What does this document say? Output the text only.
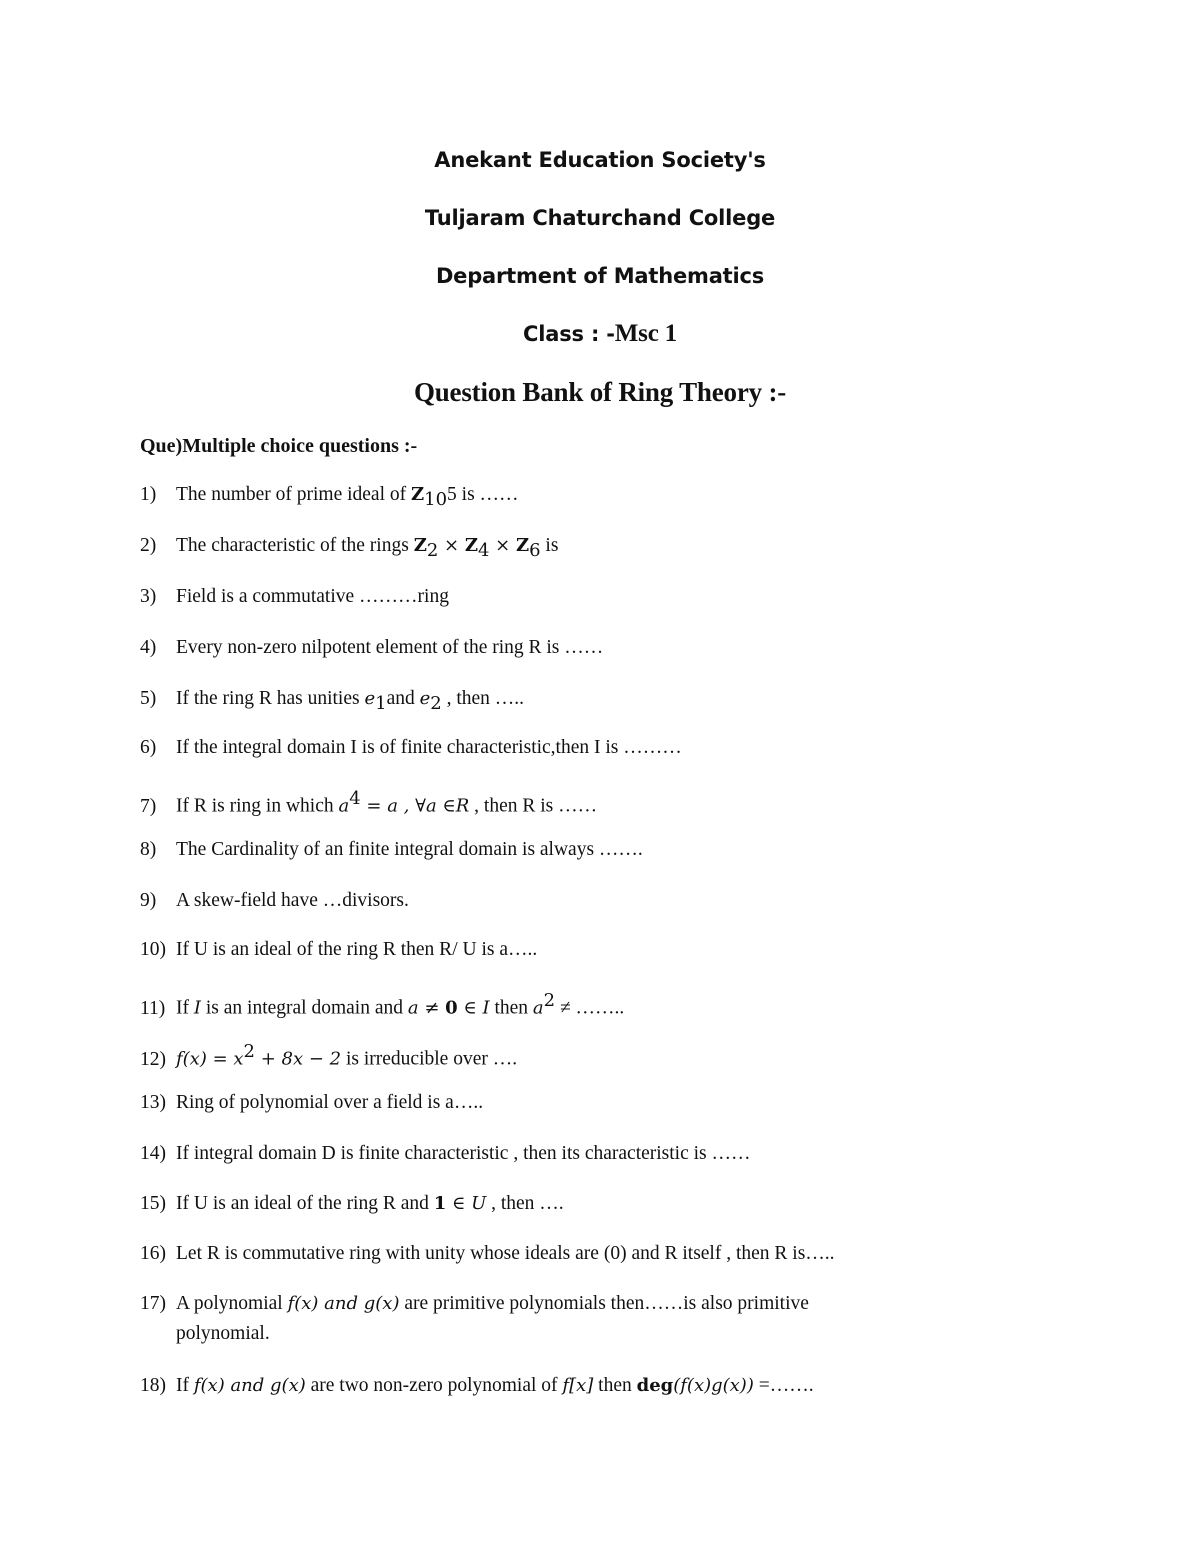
Anekant Education Society's
Tuljaram Chaturchand College
Department of Mathematics
Class : -Msc 1
Question Bank of Ring Theory :-
Que)Multiple choice questions :-
1) The number of prime ideal of $Z_{10}5$ is ……
2) The characteristic of the rings $Z_2 \times Z_4 \times Z_6$ is
3) Field is a commutative ………ring
4) Every non-zero nilpotent element of the ring R is ……
5) If the ring R has unities $e_1and$ $e_2$ , then …..
6) If the integral domain I is of finite characteristic,then I is ………
7) If R is ring in which $a^4 = a$ , ∀a ∈R , then R is ……
8) The Cardinality of an finite integral domain is always …….
9) A skew-field have …divisors.
10) If U is an ideal of the ring R then R/ U is a…..
11) If I is an integral domain and a ≠ 0 ∈ I then $a^2$ ≠ ……..
12) $f(x) = x^2 + 8x - 2$ is irreducible over ….
13) Ring of polynomial over a field is a…..
14) If integral domain D is finite characteristic , then its characteristic is ……
15) If U is an ideal of the ring R and 1 ∈ U , then ….
16) Let R is commutative ring with unity whose ideals are (0) and R itself , then R is…..
17) A polynomial f(x) and g(x) are primitive polynomials then……is also primitive
polynomial.
18) If f(x) and g(x) are two non-zero polynomial of f[x] then deg(f(x)g(x)) =…….
